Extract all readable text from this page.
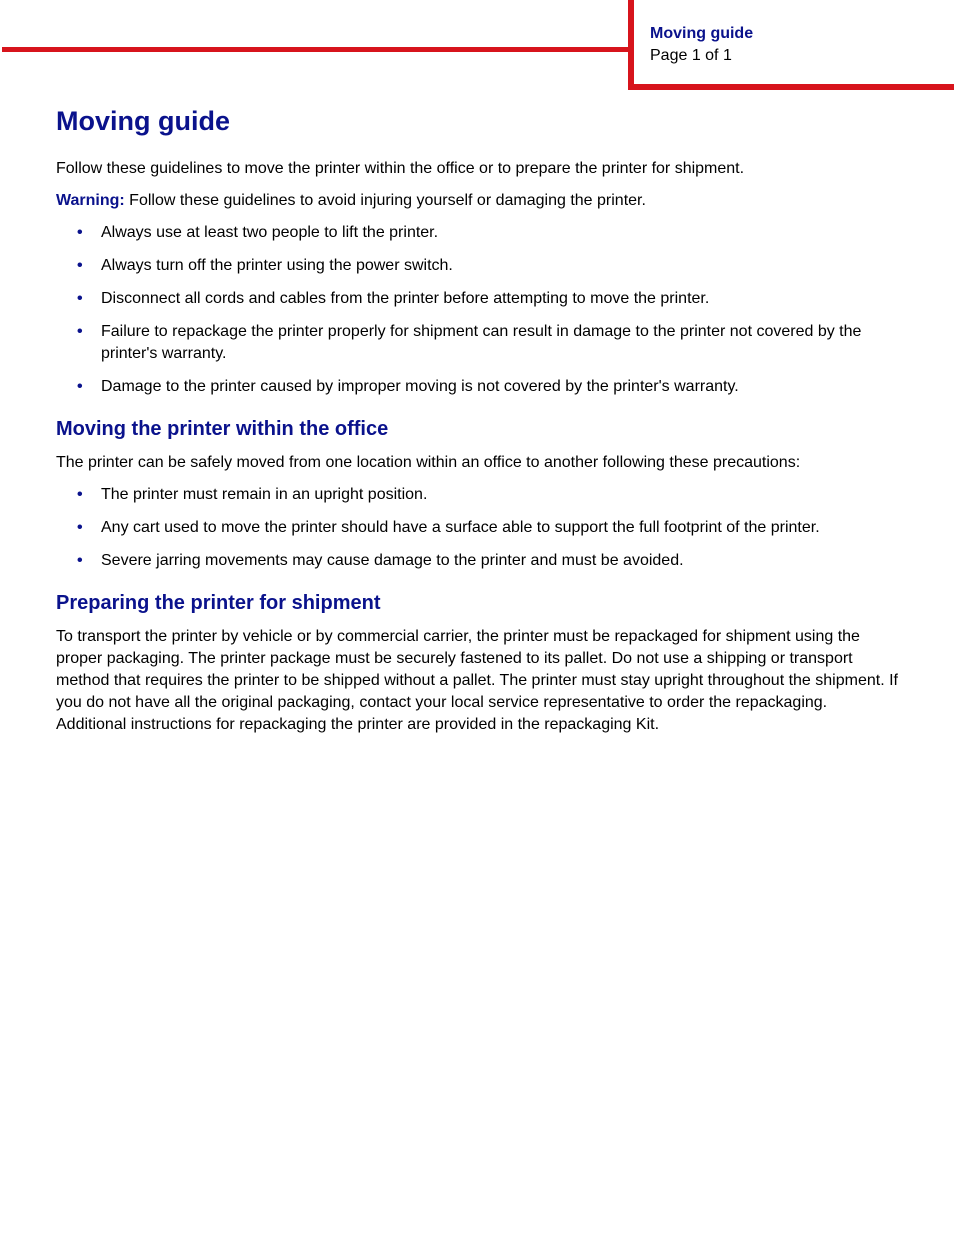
Moving guide
Page 1 of 1
Moving guide

Follow these guidelines to move the printer within the office or to prepare the printer for shipment.

Warning: Follow these guidelines to avoid injuring yourself or damaging the printer.

• Always use at least two people to lift the printer.
• Always turn off the printer using the power switch.
• Disconnect all cords and cables from the printer before attempting to move the printer.
• Failure to repackage the printer properly for shipment can result in damage to the printer not covered by the printer's warranty.
• Damage to the printer caused by improper moving is not covered by the printer's warranty.
Moving the printer within the office

The printer can be safely moved from one location within an office to another following these precautions:

• The printer must remain in an upright position.
• Any cart used to move the printer should have a surface able to support the full footprint of the printer.
• Severe jarring movements may cause damage to the printer and must be avoided.
Preparing the printer for shipment

To transport the printer by vehicle or by commercial carrier, the printer must be repackaged for shipment using the proper packaging. The printer package must be securely fastened to its pallet. Do not use a shipping or transport method that requires the printer to be shipped without a pallet. The printer must stay upright throughout the shipment. If you do not have all the original packaging, contact your local service representative to order the repackaging. Additional instructions for repackaging the printer are provided in the repackaging Kit.
